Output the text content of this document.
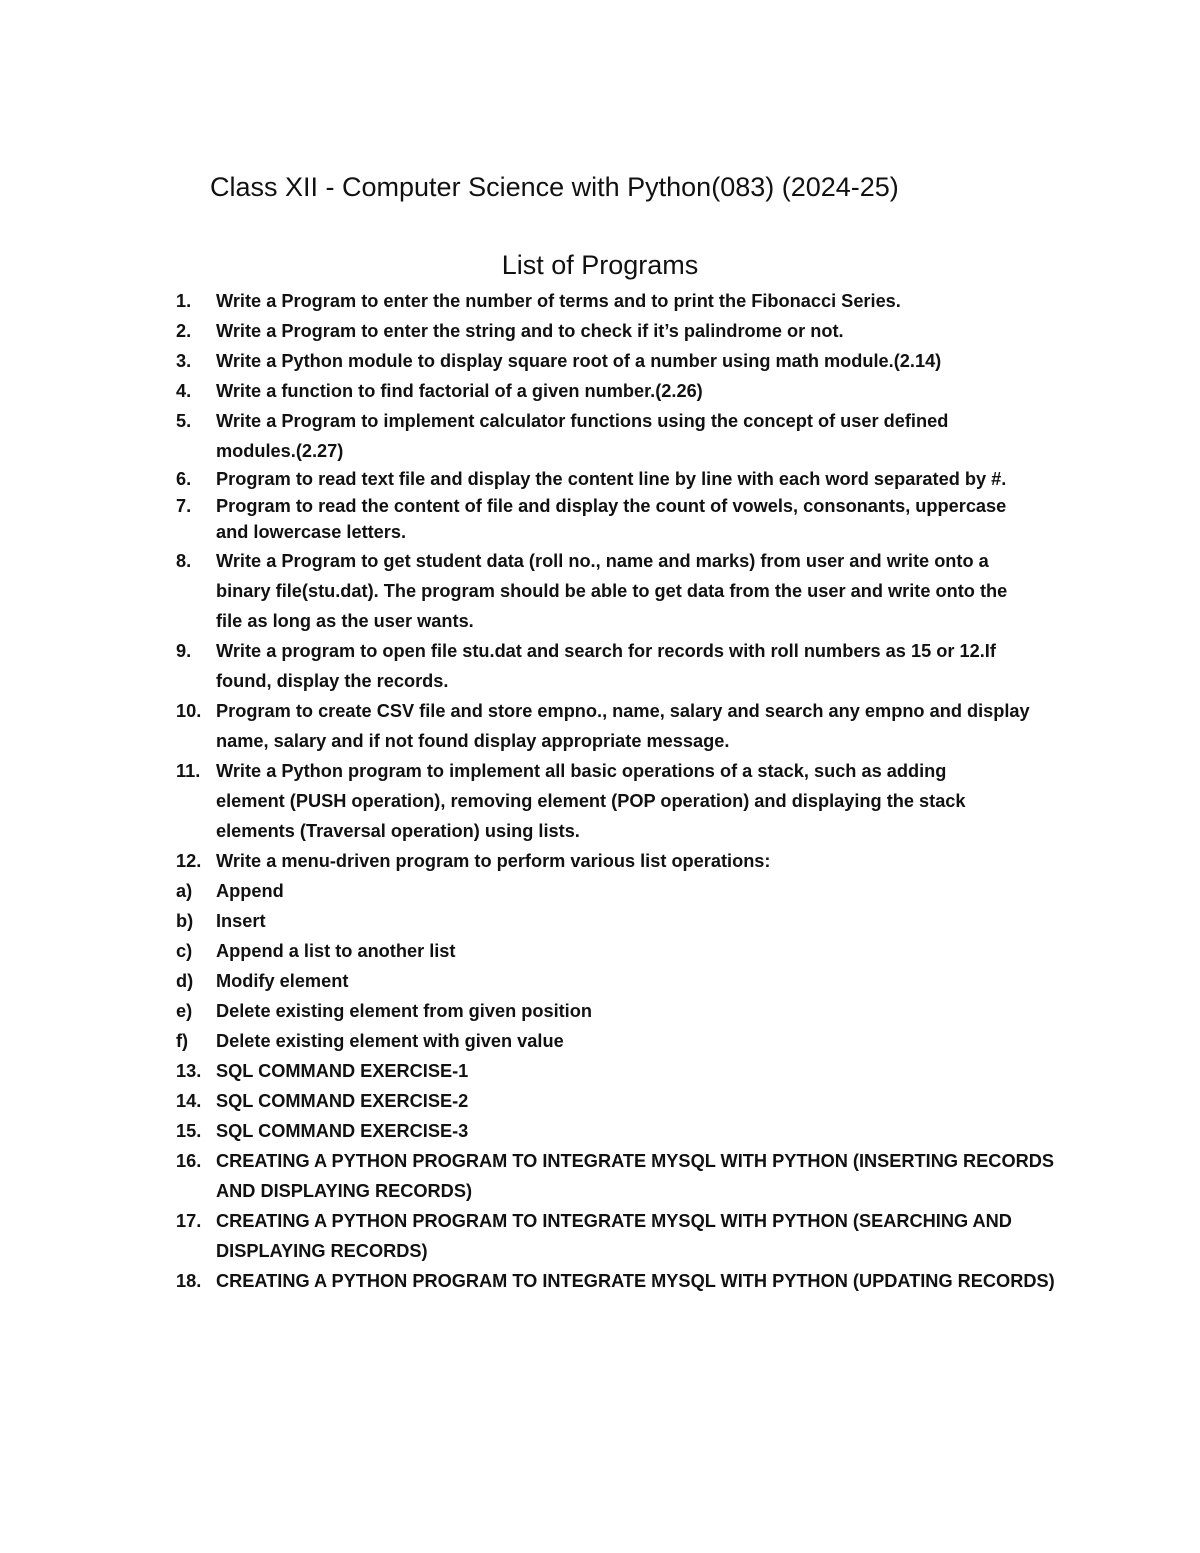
Class XII - Computer Science with Python(083) (2024-25)
List of Programs
1.	Write a Program to enter the number of terms and to print the Fibonacci Series.
2.	Write a Program to enter the string and to check if it’s palindrome or not.
3.	Write a Python module to display square root of a number using math module.(2.14)
4.	Write a function to find factorial of a given number.(2.26)
5.	Write a Program to implement calculator functions using the concept of user defined
modules.(2.27)
6.	Program to read text file and display the content line by line with each word separated by #.
7.	Program to read the content of file and display the count of vowels, consonants, uppercase
and lowercase letters.
8.	Write a Program to get student data (roll no., name and marks) from user and write onto a
binary file(stu.dat). The program should be able to get data from the user and write onto the
file as long as the user wants.
9.	Write a program to open file stu.dat and search for records with roll numbers as 15 or 12.If
found, display the records.
10. Program to create CSV file and store empno., name, salary and search any empno and display
name, salary and if not found display appropriate message.
11. Write a Python program to implement all basic operations of a stack, such as adding
element (PUSH operation), removing element (POP operation) and displaying the stack
elements (Traversal operation) using lists.
12. Write a menu-driven program to perform various list operations:
a)	Append
b)	Insert
c)	Append a list to another list
d)	Modify element
e)	Delete existing element from given position
f)	Delete existing element with given value
13. SQL COMMAND EXERCISE-1
14. SQL COMMAND EXERCISE-2
15. SQL COMMAND EXERCISE-3
16. CREATING A PYTHON PROGRAM TO INTEGRATE MYSQL WITH PYTHON (INSERTING RECORDS
AND DISPLAYING RECORDS)
17. CREATING A PYTHON PROGRAM TO INTEGRATE MYSQL WITH PYTHON (SEARCHING AND
DISPLAYING RECORDS)
18. CREATING A PYTHON PROGRAM TO INTEGRATE MYSQL WITH PYTHON (UPDATING RECORDS)
